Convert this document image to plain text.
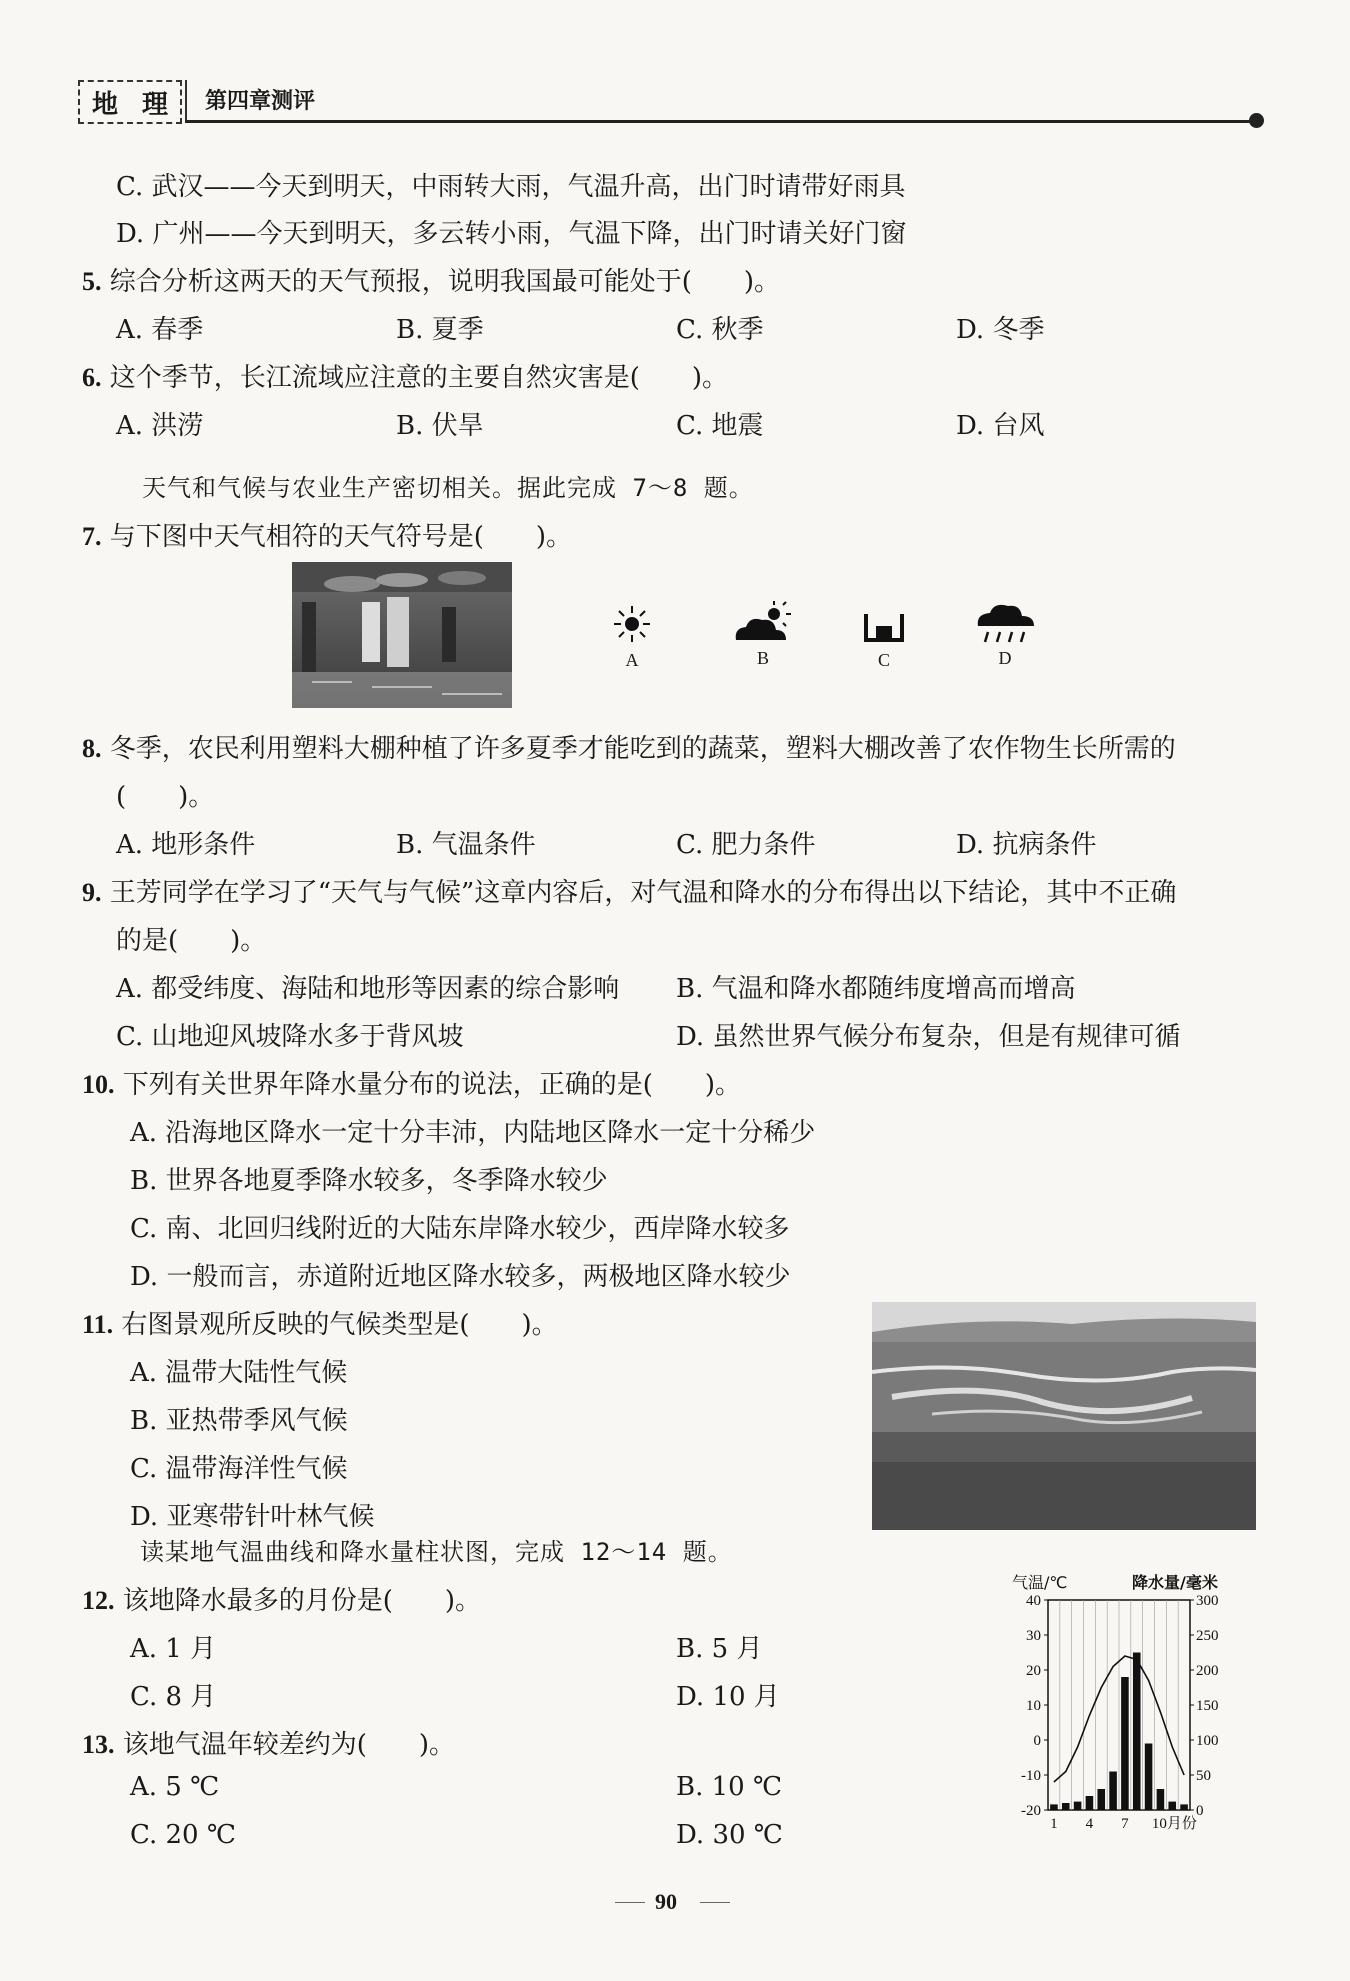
地 理 第四章测评
C. 武汉——今天到明天，中雨转大雨，气温升高，出门时请带好雨具
D. 广州——今天到明天，多云转小雨，气温下降，出门时请关好门窗
5. 综合分析这两天的天气预报，说明我国最可能处于(　　)。
A. 春季	B. 夏季	C. 秋季	D. 冬季
6. 这个季节，长江流域应注意的主要自然灾害是(　　)。
A. 洪涝	B. 伏旱	C. 地震	D. 台风
天气和气候与农业生产密切相关。据此完成 7～8 题。
7. 与下图中天气相符的天气符号是(　　)。
A	B	C	D
8. 冬季，农民利用塑料大棚种植了许多夏季才能吃到的蔬菜，塑料大棚改善了农作物生长所需的
(　　)。
A. 地形条件	B. 气温条件	C. 肥力条件	D. 抗病条件
9. 王芳同学在学习了“天气与气候”这章内容后，对气温和降水的分布得出以下结论，其中不正确
的是(　　)。
A. 都受纬度、海陆和地形等因素的综合影响 B. 气温和降水都随纬度增高而增高
C. 山地迎风坡降水多于背风坡	D. 虽然世界气候分布复杂，但是有规律可循
10. 下列有关世界年降水量分布的说法，正确的是(　　)。
A. 沿海地区降水一定十分丰沛，内陆地区降水一定十分稀少
B. 世界各地夏季降水较多，冬季降水较少
C. 南、北回归线附近的大陆东岸降水较少，西岸降水较多
D. 一般而言，赤道附近地区降水较多，两极地区降水较少
11. 右图景观所反映的气候类型是(　　)。
A. 温带大陆性气候
B. 亚热带季风气候
C. 温带海洋性气候
D. 亚寒带针叶林气候
读某地气温曲线和降水量柱状图，完成 12～14 题。
12. 该地降水最多的月份是(　　)。
A. 1 月	B. 5 月
C. 8 月	D. 10 月
13. 该地气温年较差约为(　　)。
A. 5 ℃	B. 10 ℃
C. 20 ℃	D. 30 ℃
气温/℃	降水量/毫米
40
30
20
10
0
-10
-20
300
250
200
150
100
50
0
1 4 7 10月份
90
